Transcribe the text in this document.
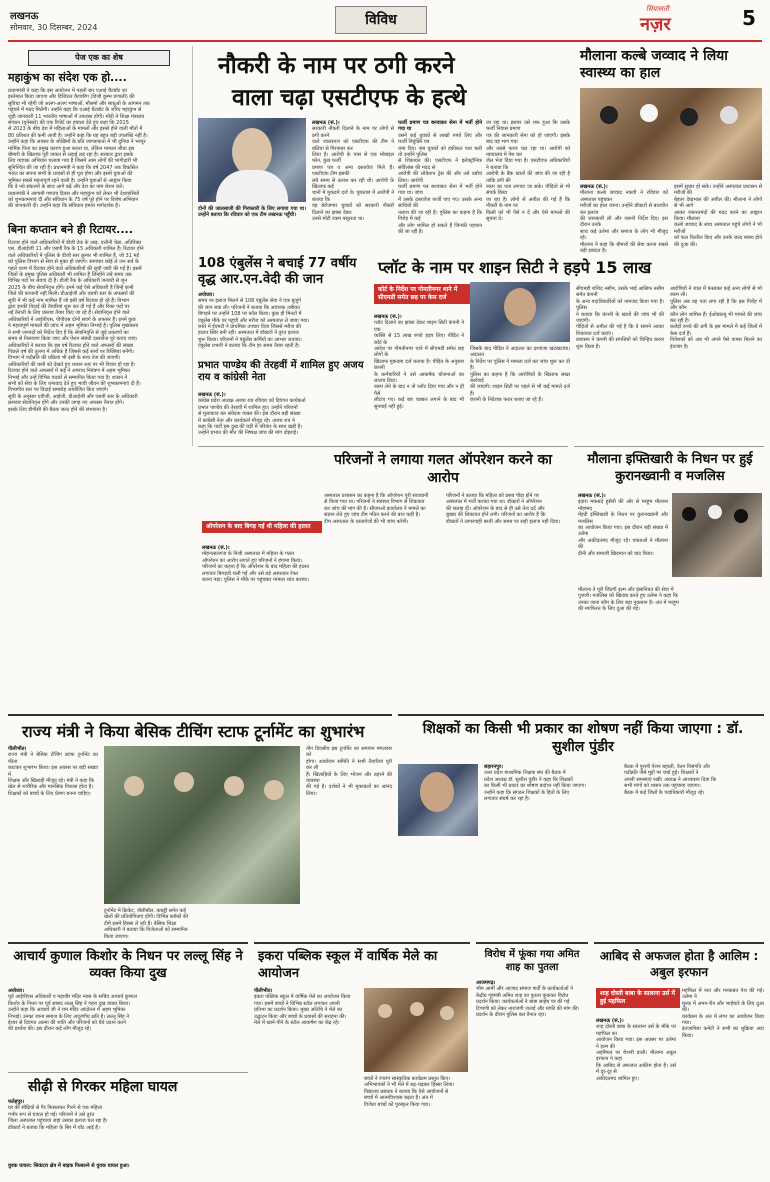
लखनऊ
सोमवार, 30 दिसम्बर, 2024	विविध
सियासती
नज़र	5
पेज एक का शेष
महाकुंभ का संदेश एक हो....
प्रधानमंत्री ने कहा कि इस आयोजन में पहली बार एआई चैटबॉट का
इस्तेमाल किया जाएगा और डिजिटल कैप्चरिंग (डिजी कुम्भ प्रणाली) की
सुविधा भी रहेगी जो अलग-अलग भाषाओं, मौसमों और साधुओं के आगमन तक
पहुंचने में मदद मिलेगी। उन्होंने कहा कि एआई चैटबॉट के जरिए महाकुंभ से
जुड़ी जानकारी 11 भारतीय भाषाओं में उपलब्ध होगी। मोदी ने शिक्षा मंत्रालय
संगठन (यूनेस्को) की एक रिपोर्ट का हवाला देते हुए कहा कि 2015
से 2023 के बीच देश में महिलाओं के मामलों और इससे होने वाली मौतों में
80 प्रतिशत की कमी आयी है। उन्होंने कहा कि यह बहुत बड़ी उपलब्धि नहीं है।
उन्होंने कहा कि अवसर के जोखिमों के प्रति जागरूकता में भी दुनिया ने भरपूर
मार्मिक पिता का प्रमुख कारण हुआ करता था, लेकिन मामला जीता इस
बीमारी के खिलाफ पूरी ताकत से लड़ाई लड़ रहा है। सरकार द्वारा इसके
लिए व्यापक अभियान चलाया गया है जिसमें आम लोगों की भागीदारी भी
सुनिश्चित की जा रही है। प्रधानमंत्री ने कहा कि वर्ष 2047 तक विकसित
भारत का सपना सभी के प्रयासों से ही पूरा होगा और इसमें युवाओं की
भूमिका सबसे महत्वपूर्ण रहने वाली है। उन्होंने युवाओं से आह्वान किया
कि वे नये संकल्पों के साथ आगे बढ़ें और देश का नाम रोशन करें।
प्रधानमंत्री ने आगामी गणतंत्र दिवस और महाकुंभ को लेकर भी देशवासियों
को शुभकामनाएं दीं और संविधान के 75 वर्ष पूरे होने पर विशेष अभियान
की जानकारी दी। उन्होंने कहा कि संविधान हमारा मार्गदर्शक है।
बिना कप्तान बने ही रिटायर....
रिटायर होने वाले अधिकारियों में डीजी टेक के आइ. एलीनी चेन्ना, अतिरिक्त
एस, डीआईजी 11 और एसपी रैंक के 15 अधिकारी शामिल हैं। रिटायर होने
वाले अधिकारियों में पुलिस के डीजी स्तर कुमार भी शामिल हैं, जो 31 मई
को पुलिस विभाग से सेवा से मुक्त हो जाएंगे। समाचार कोई ले जन सर्व के
पहले चरण में रिटायर होने वाले अधिकारियों की सूची जारी की गई है। इसमें
जिलों के प्रमुख पुलिस अधिकारी भी शामिल हैं जिन्होंने लंबे समय तक
विभिन्न पदों पर सेवाएं दी हैं। डीजी रैंक के अधिकारी जनवरी से जून
2025 के बीच सेवानिवृत्त होंगे। इनमें कई ऐसे अधिकारी हैं जिन्हें कभी
जिले की कप्तानी नहीं मिली। डीआईजी और एसपी स्तर के अफसरों की
सूची में भी कई नाम शामिल हैं जो इसी वर्ष रिटायर हो रहे हैं। विभाग
द्वारा इनकी विदाई की तैयारियां शुरू कर दी गई हैं और रिक्त पदों पर
नई तैनाती के लिए प्रस्ताव तैयार किए जा रहे हैं। सेवानिवृत्त होने वाले
अधिकारियों में आईपीएस, पीपीएस दोनों संवर्ग के अफसर हैं। इनमें कुछ
ने महत्वपूर्ण मामलों की जांच में अहम भूमिका निभाई है। पुलिस मुख्यालय
ने सभी जनपदों को निर्देश दिए हैं कि सेवानिवृत्ति से जुड़े प्रकरणों का
समय से निस्तारण किया जाए और पेंशन संबंधी दस्तावेज पूरे कराए जाएं।
अधिकारियों ने बताया कि इस वर्ष रिटायर होने वाले अफसरों की संख्या
पिछले वर्ष की तुलना में अधिक है जिससे कई स्तरों पर रिक्तियां बनेंगी।
विभाग में पदोन्नति की प्रक्रिया भी इसी के साथ तेज की जाएगी।
अधिकारियों की कमी को देखते हुए शासन स्तर पर भी विचार हो रहा है।
रिटायर होने वाले अफसरों में कई ने अपराध नियंत्रण में अहम भूमिका
निभाई और उन्हें विभिन्न पदकों से सम्मानित किया गया है। शासन ने
सभी को सेवा के लिए धन्यवाद देते हुए भावी जीवन की शुभकामनाएं दी हैं।
विभागीय स्तर पर विदाई समारोह आयोजित किए जाएंगे।
सूची के अनुसार एडीजी, आईजी, डीआईजी और एसपी स्तर के अधिकारी
क्रमवार सेवानिवृत्त होंगे और उनकी जगह नए अफसर तैनात होंगे।
इसके लिए डीपीसी की बैठक जल्द होने की संभावना है।
नौकरी के नाम पर ठगी करने
वाला चढ़ा एसटीएफ के हत्थे
दोनों की जालसाजी की गिरफ्तारी के लिए लगाया गया था। उन्होंने बताया कि रविवार को एक टीम लखनऊ पहुँची।
लखनऊ (सं.)।
सरकारी नौकरी दिलाने के नाम पर लोगों से ठगी करने
वाले जालसाज को एसटीएफ की टीम ने बलिया से गिरफ्तार कर
लिया है। आरोपी के पास से एक मोबाइल फोन, कुछ फर्जी
प्रमाण पत्र व अन्य दस्तावेज मिले हैं। एसटीएफ टीम इसकी
लंबे समय से तलाश कर रही थी। आरोपी के खिलाफ कई
थानों में मुकदमे दर्ज थे। पूछताछ में आरोपी ने बताया कि
वह बेरोजगार युवकों को सरकारी नौकरी दिलाने का झांसा देकर
उनसे मोटी रकम वसूलता था।
फर्जी प्रमाण पत्र बनवाकर सेना में भर्ती होने गया था
उसने कई युवकों से लाखों रुपये लिए और फर्जी नियुक्ति पत्र
थमा दिए। जब युवकों को हकीकत पता चली तो उन्होंने पुलिस
से शिकायत की। एसटीएफ ने इलेक्ट्रॉनिक सर्विलांस की मदद से
आरोपी की लोकेशन ट्रेस की और उसे दबोच लिया। आरोपी
फर्जी प्रमाण पत्र बनवाकर सेना में भर्ती होने गया था। जांच
में उसके दस्तावेज फर्जी पाए गए। उसके अन्य साथियों की
तलाश की जा रही है। पुलिस का कहना है कि गिरोह में कई
और लोग शामिल हो सकते हैं जिनकी पहचान की जा रही है।
जा रहा था। इसपर उसे शक हुआ कि उसके फर्जी निवास प्रमाण
पत्र की जानकारी सेना को हो जाएगी। इसके बाद वह भाग गया
और तबसे फरार चल रहा था। आरोपी को न्यायालय में पेश कर
जेल भेज दिया गया है। एसटीएफ अधिकारियों ने बताया कि
आरोपी के बैंक खातों की जांच की जा रही है ताकि ठगी की
रकम का पता लगाया जा सके। पीड़ितों से भी संपर्क किया
जा रहा है। लोगों से अपील की गई है कि नौकरी के नाम पर
किसी को भी पैसे न दें और ऐसे मामलों की सूचना दें।
मौलाना कल्बे जव्वाद ने लिया स्वास्थ्य का हाल
लखनऊ (सं.)।
मौलाना कल्बे जव्वाद नकवी ने रविवार को अस्पताल पहुंचकर
मरीजों का हाल जाना। उन्होंने डॉक्टरों से बातचीत कर इलाज
की जानकारी ली और जरूरी निर्देश दिए। इस दौरान उनके
साथ कई उलेमा और समाज के लोग भी मौजूद रहे।
मौलाना ने कहा कि बीमारों की सेवा करना सबसे बड़ी इबादत है।
इसमें सुधार हो सके। उन्होंने अस्पताल प्रशासन से मरीजों की
बेहतर देखभाल की अपील की। मौलाना ने लोगों से भी आगे
आकर जरूरतमंदों की मदद करने का आह्वान किया। मौलाना
कल्बे जव्वाद के साथ अस्पताल पहुंचे लोगों ने भी मरीजों
को फल वितरित किए और उनके जल्द स्वस्थ होने की दुआ की।
108 एंबुलेंस ने बचाई 77 वर्षीय वृद्ध आर.एन.वेदी की जान
अयोध्या।
समय पर इलाज मिलने से 108 एंबुलेंस सेवा ने एक बुजुर्ग
की जान बचा ली। परिजनों ने बताया कि अचानक तबीयत
बिगड़ने पर उन्होंने 108 पर कॉल किया। कुछ ही मिनटों में
एंबुलेंस मौके पर पहुंची और मरीज को अस्पताल ले जाया गया।
रास्ते में ईएमटी ने प्राथमिक उपचार दिया जिससे मरीज की
हालत स्थिर बनी रही। अस्पताल में डॉक्टरों ने तुरंत इलाज
शुरू किया। परिजनों ने एंबुलेंस कर्मियों का आभार जताया।
एंबुलेंस प्रभारी ने बताया कि टीम हर समय तैयार रहती है।
प्रभात पाण्डेय की तेरहवीं में शामिल हुए अजय राय व कांग्रेसी नेता
लखनऊ (सं.)।
कांग्रेस प्रदेश अध्यक्ष अजय राय रविवार को दिवंगत कार्यकर्ता
प्रभात पाण्डेय की तेरहवीं में शामिल हुए। उन्होंने परिजनों
से मुलाकात कर संवेदना व्यक्त की। इस दौरान बड़ी संख्या
में कांग्रेसी नेता और कार्यकर्ता मौजूद रहे। अजय राय ने
कहा कि पार्टी इस दुख की घड़ी में परिवार के साथ खड़ी है।
उन्होंने प्रभात की मौत की निष्पक्ष जांच की मांग दोहराई।
प्लॉट के नाम पर शाइन सिटी ने हड़पे 15 लाख
कोर्ट के निर्देश पर गोमतीनगर थाने में सीएमडी समेत छह पर केस दर्ज
लखनऊ (सं.)।
प्लॉट दिलाने का झांसा देकर शाइन सिटी कंपनी ने एक
व्यक्ति से 15 लाख रुपये हड़प लिए। पीड़ित ने कोर्ट के
आदेश पर गोमतीनगर थाने में सीएमडी समेत छह लोगों के
खिलाफ मुकदमा दर्ज कराया है। पीड़ित के अनुसार कंपनी
के कर्मचारियों ने उसे आकर्षक योजनाओं का लालच दिया।
रकम लेने के बाद न तो प्लॉट दिया गया और न ही पैसे
लौटाए गए। कई बार चक्कर लगाने के बाद भी सुनवाई नहीं हुई।
जिसके बाद पीड़ित ने अदालत का दरवाजा खटखटाया। अदालत
के निर्देश पर पुलिस ने मामला दर्ज कर जांच शुरू कर दी है।
पुलिस का कहना है कि आरोपियों के खिलाफ सख्त कार्रवाई
की जाएगी। शाइन सिटी पर पहले से भी कई मामले दर्ज हैं।
कंपनी के निदेशक फरार बताए जा रहे हैं।
सीएमडी राशिद नसीम, उसके भाई आसिफ नसीम समेत कंपनी
के अन्य पदाधिकारियों को नामजद किया गया है। पुलिस
ने बताया कि कंपनी के खातों की जांच भी की जाएगी।
पीड़ितों से अपील की गई है कि वे सामने आकर शिकायत दर्ज कराएं।
प्रशासन ने कंपनी की संपत्तियों को चिन्हित करना शुरू किया है।
आरोपियों ने जाल में फंसाकर कई अन्य लोगों से भी रकम ली।
पुलिस अब यह पता लगा रही है कि इस गिरोह में और कौन
कौन लोग शामिल हैं। ईओडब्ल्यू भी मामले की जांच कर रही है।
करोड़ों रुपये की ठगी के इस मामले में कई जिलों में केस दर्ज हैं।
निवेशकों को अब भी अपने पैसे वापस मिलने का इंतजार है।
परिजनों ने लगाया गलत ऑपरेशन करने का आरोप
ऑपरेशन के बाद बिगड़ गई थी महिला की हालत
लखनऊ (सं.)।
मोहनलालगंज के निजी अस्पताल में महिला के गलत
ऑपरेशन का आरोप लगाते हुए परिजनों ने हंगामा किया।
परिजनों का कहना है कि ऑपरेशन के बाद महिला की हालत
लगातार बिगड़ती चली गई और उसे बड़े अस्पताल रेफर
करना पड़ा। पुलिस ने मौके पर पहुंचकर मामला शांत कराया।
अस्पताल प्रशासन का कहना है कि ऑपरेशन पूरी सावधानी
से किया गया था। परिजनों ने स्वास्थ्य विभाग से शिकायत
कर जांच की मांग की है। सीएमओ कार्यालय ने मामले का
संज्ञान लेते हुए जांच टीम गठित करने की बात कही है।
टीम अस्पताल के दस्तावेजों की भी जांच करेगी।
परिजनों ने बताया कि महिला को प्रसव पीड़ा होने पर
अस्पताल में भर्ती कराया गया था। डॉक्टरों ने ऑपरेशन
की सलाह दी। ऑपरेशन के बाद से ही उसे तेज दर्द और
बुखार की शिकायत होने लगी। परिजनों का आरोप है कि
डॉक्टरों ने लापरवाही बरती और समय पर सही इलाज नहीं दिया।
मौलाना इफ्तिखारी के निधन पर हुई कुरानख्वानी व मजलिस
लखनऊ (सं.)।
इदारा मकसदे हुसैनी की ओर से मरहूम मौलाना मोहम्मद
मेंहदी इफ्तिखारी के निधन पर कुरानख्वानी और मजलिस
का आयोजन किया गया। इस दौरान बड़ी संख्या में उलेमा
और अकीदतमंद मौजूद रहे। वक्ताओं ने मौलाना की
दीनी और समाजी खिदमात को याद किया।
मौलाना ने पूरी जिंदगी इल्म और इंसानियत की सेवा में
गुजारी। मजलिस को खिताब करते हुए उलेमा ने कहा कि
उनका जाना कौम के लिए बड़ा नुकसान है। अंत में मरहूम
की मगफिरत के लिए दुआ की गई।
राज्य मंत्री ने किया बेसिक टीचिंग स्टाफ टूर्नामेंट का शुभारंभ
पीलीभीत।
राज्य मंत्री ने बेसिक टीचिंग स्टाफ टूर्नामेंट का फीता
काटकर शुभारंभ किया। इस अवसर पर बड़ी संख्या में
शिक्षक और खिलाड़ी मौजूद रहे। मंत्री ने कहा कि
खेल से शारीरिक और मानसिक विकास होता है।
शिक्षकों को बच्चों के लिए प्रेरणा बनना चाहिए।
टूर्नामेंट में क्रिकेट, वॉलीबॉल, कबड्डी समेत कई
खेलों की प्रतियोगिताएं होंगी। विभिन्न ब्लॉकों की
टीमें इसमें हिस्सा ले रही हैं। बेसिक शिक्षा
अधिकारी ने बताया कि विजेताओं को सम्मानित
किया जाएगा।
तीन दिवसीय इस टूर्नामेंट का समापन मंगलवार को
होगा। आयोजन समिति ने सभी तैयारियां पूरी कर ली
हैं। खिलाड़ियों के लिए भोजन और ठहरने की व्यवस्था
की गई है। दर्शकों ने भी मुकाबलों का आनंद लिया।
शिक्षकों का किसी भी प्रकार का शोषण नहीं किया जाएगा : डॉ. सुशील पुंडीर
सहारनपुर।
उत्तर प्रदेश माध्यमिक शिक्षक संघ की बैठक में
प्रदेश अध्यक्ष डॉ. सुशील पुंडीर ने कहा कि शिक्षकों
का किसी भी प्रकार का शोषण बर्दाश्त नहीं किया जाएगा।
उन्होंने कहा कि संगठन शिक्षकों के हितों के लिए
लगातार संघर्ष कर रहा है।
बैठक में पुरानी पेंशन बहाली, वेतन विसंगति और
पदोन्नति जैसे मुद्दों पर चर्चा हुई। शिक्षकों ने
अपनी समस्याएं रखीं। अध्यक्ष ने आश्वासन दिया कि
सभी मांगों को शासन तक पहुंचाया जाएगा।
बैठक में कई जिलों के पदाधिकारी मौजूद रहे।
आचार्य कुणाल किशोर के निधन पर लल्लू सिंह ने व्यक्त किया दुख
अयोध्या।
पूर्व आईपीएस अधिकारी व महावीर मंदिर न्यास के सचिव आचार्य कुणाल
किशोर के निधन पर पूर्व सांसद लल्लू सिंह ने गहरा दुख व्यक्त किया।
उन्होंने कहा कि आचार्य जी ने राम मंदिर आंदोलन में अहम भूमिका
निभाई। उनका जाना समाज के लिए अपूरणीय क्षति है। लल्लू सिंह ने
ईश्वर से दिवंगत आत्मा की शांति और परिजनों को धैर्य प्रदान करने
की प्रार्थना की। इस दौरान कई लोग मौजूद रहे।
सीढ़ी से गिरकर महिला घायल
फतेहपुर।
घर की सीढ़ियों से पैर फिसलकर गिरने से एक महिला
गंभीर रूप से घायल हो गई। परिजनों ने उसे तुरंत
जिला अस्पताल पहुंचाया जहां उसका इलाज चल रहा है।
डॉक्टरों ने बताया कि महिला के सिर में चोट आई है।
युवक घायल: सिकंदरा क्षेत्र में बाइक फिसलने से युवक घायल हुआ।
इकरा पब्लिक स्कूल में वार्षिक मेले का आयोजन
पीलीभीत।
इकरा पब्लिक स्कूल में वार्षिक मेले का आयोजन किया
गया। इसमें बच्चों ने विभिन्न स्टॉल लगाकर अपनी
प्रतिभा का प्रदर्शन किया। मुख्य अतिथि ने मेले का
उद्घाटन किया और बच्चों के प्रयासों की सराहना की।
मेले में खाने-पीने के स्टॉल आकर्षण का केंद्र रहे।
बच्चों ने रंगारंग सांस्कृतिक कार्यक्रम प्रस्तुत किए।
अभिभावकों ने भी मेले में बढ़-चढ़कर हिस्सा लिया।
विद्यालय प्रबंधक ने बताया कि ऐसे आयोजनों से
बच्चों में आत्मविश्वास बढ़ता है। अंत में
विजेता बच्चों को पुरस्कृत किया गया।
विरोध में फूंका गया अमित शाह का पुतला
आजमगढ़।
भीम आर्मी और आजाद समाज पार्टी के कार्यकर्ताओं ने
केंद्रीय गृहमंत्री अमित शाह का पुतला फूंककर विरोध
प्रदर्शन किया। कार्यकर्ताओं ने बाबा साहेब पर की गई
टिप्पणी को लेकर नाराजगी जताई और माफी की मांग की।
प्रदर्शन के दौरान पुलिस बल तैनात रहा।
आबिद से अफजल होता है आलिम : अबुल इरफान
शाह दोस्ती बाबा के सालाना उर्स में हुई महफिल
लखनऊ (सं.)।
शाह दोस्ती बाबा के सालाना उर्स के मौके पर महफिल का
आयोजन किया गया। इस अवसर पर उलेमा ने इल्म की
अहमियत पर रोशनी डाली। मौलाना अबुल इरफान ने कहा
कि आबिद से अफजल आलिम होता है। उर्स में दूर-दूर से
अकीदतमंद शामिल हुए।
महफिल में नात और मनकबत पेश की गई। उलेमा ने
मुल्क में अमन-चैन और भाईचारे के लिए दुआ की।
कार्यक्रम के अंत में लंगर का आयोजन किया गया।
इंतजामिया कमेटी ने सभी का शुक्रिया अदा किया।
